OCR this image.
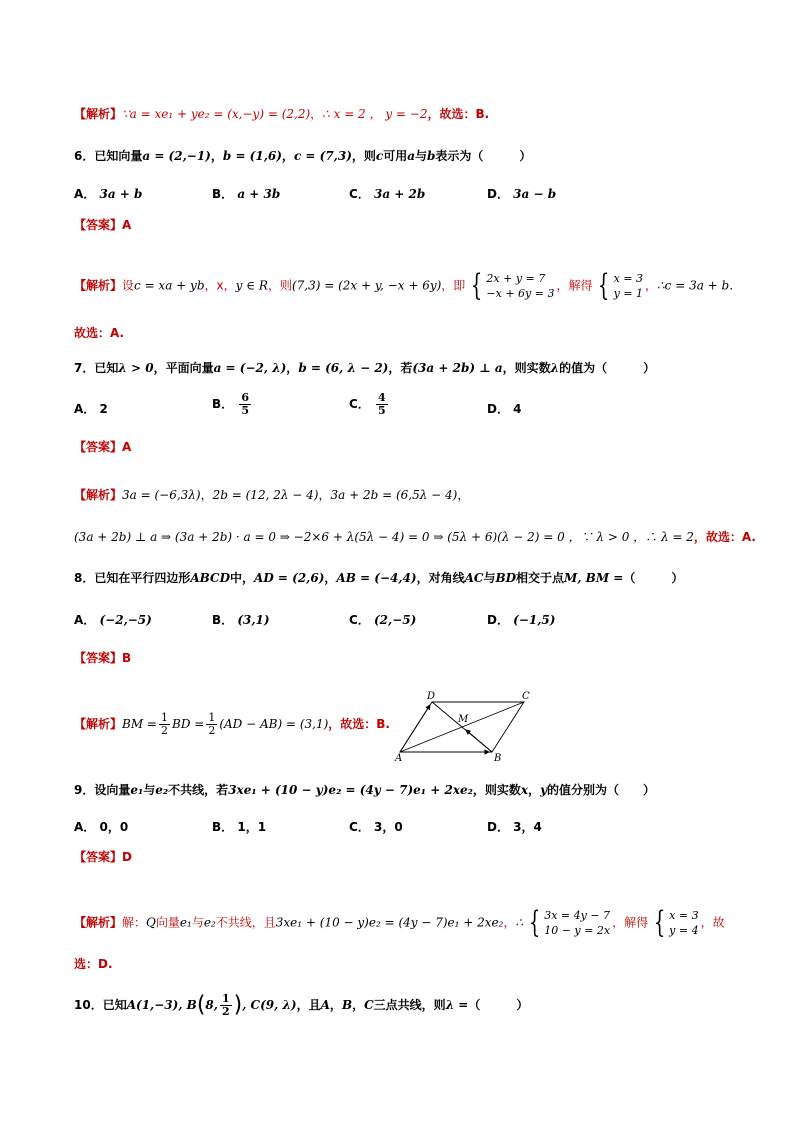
【解析】∵a = xe₁ + ye₂ = (x,−y) = (2,2)，∴ x = 2 ， y = −2，故选：B.
6．已知向量a = (2,−1)，b = (1,6)，c = (7,3)，则c可用a与b表示为（　　　）
A． 3a + b	B． a + 3b	C． 3a + 2b	D． 3a − b
【答案】A
【解析】设c = xa + yb，x，y ∈ R，则(7,3) = (2x + y, −x + 6y)，即 { 2x + y = 7
−x + 6y = 3
，解得 { x = 3
y = 1
，∴c = 3a + b.
故选：A.
7．已知λ > 0，平面向量a = (−2, λ)，b = (6, λ − 2)，若(3a + 2b) ⊥ a，则实数λ的值为（　　　）
A． 2	B． $\frac{6}{5}$	C． $\frac{4}{5}$	D． 4
【答案】A
【解析】3a = (−6,3λ)，2b = (12, 2λ − 4)，3a + 2b = (6,5λ − 4)，
(3a + 2b) ⊥ a ⇒ (3a + 2b) · a = 0 ⇒ −2×6 + λ(5λ − 4) = 0 ⇒ (5λ + 6)(λ − 2) = 0 ，∵ λ > 0 ，∴ λ = 2，故选：A.
8．已知在平行四边形ABCD中，AD = (2,6)，AB = (−4,4)，对角线AC与BD相交于点M, BM =（　　　）
A． (−2,−5)	B． (3,1)	C． (2,−5)	D． (−1,5)
【答案】B
【解析】BM = $\frac{1}{2}$ BD = $\frac{1}{2} (AD - AB) = (3,1)$，故选：B.
A	B
C
D
M
9．设向量e₁与e₂不共线，若3xe₁ + (10 − y)e₂ = (4y − 7)e₁ + 2xe₂，则实数x，y的值分别为（　　）
A． 0，0	B． 1，1	C． 3，0	D． 3，4
【答案】D
【解析】解：Q向量e₁与e₂不共线，且3xe₁ + (10 − y)e₂ = (4y − 7)e₁ + 2xe₂，∴ { 3x = 4y − 7
10 − y = 2x
，解得 { x = 3
y = 4
，故
选：D.
10．已知A(1,−3), B(8, $\frac{1}{2}$ ), C(9, λ)，且A，B，C三点共线，则λ =（　　　）
